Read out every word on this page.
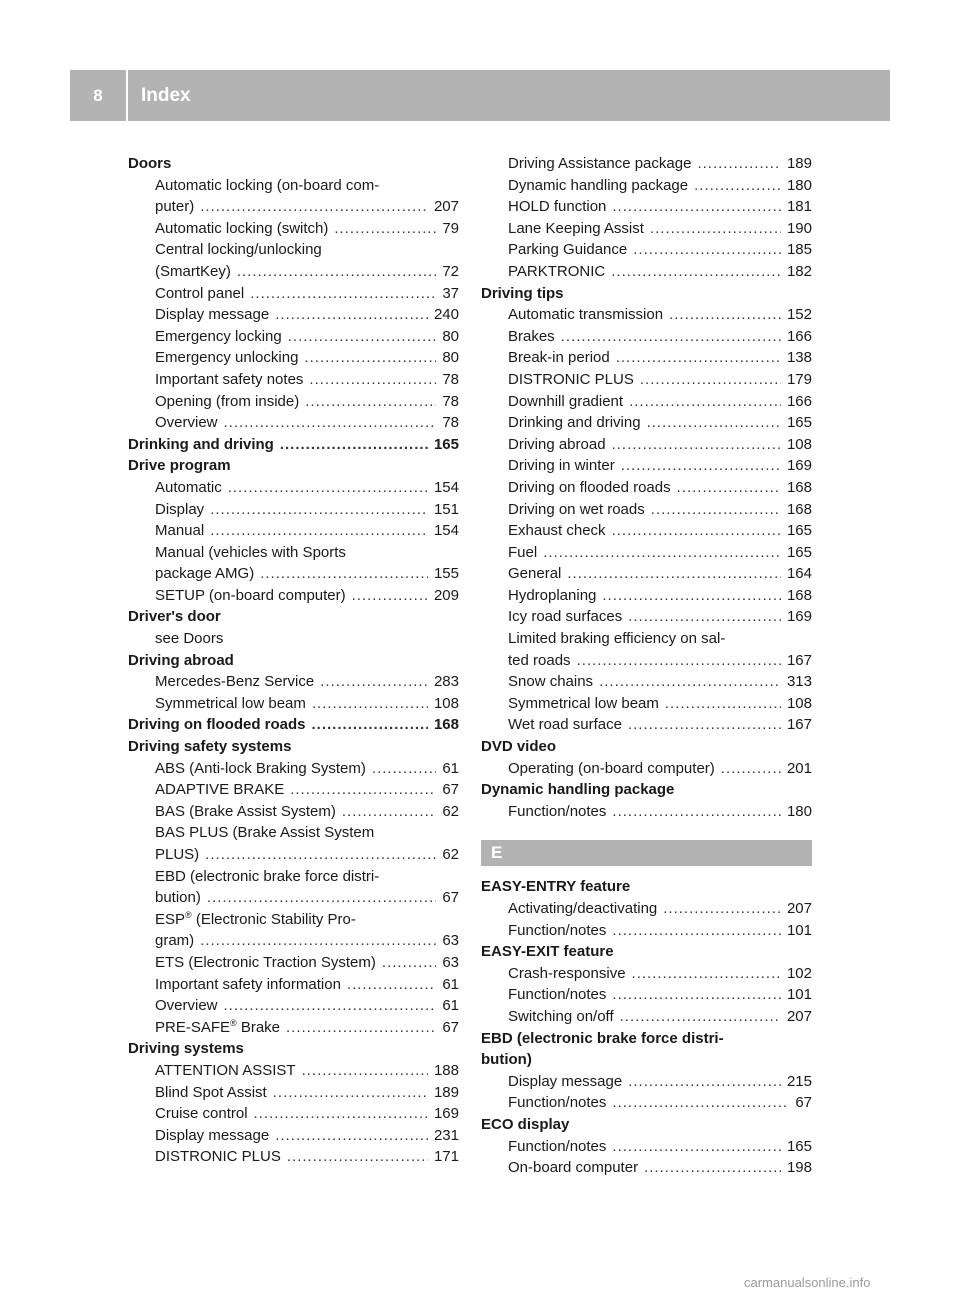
8	Index
Doors
Automatic locking (on-board com-
puter) .....	207
Automatic locking (switch) .....	79
Central locking/unlocking
(SmartKey) .....	72
Control panel .....	37
Display message .....	240
Emergency locking .....	80
Emergency unlocking .....	80
Important safety notes .....	78
Opening (from inside) .....	78
Overview .....	78
Drinking and driving .....	165
Drive program
Automatic .....	154
Display .....	151
Manual .....	154
Manual (vehicles with Sports
package AMG) .....	155
SETUP (on-board computer) .....	209
Driver's door
see Doors
Driving abroad
Mercedes-Benz Service .....	283
Symmetrical low beam .....	108
Driving on flooded roads .....	168
Driving safety systems
ABS (Anti-lock Braking System) .....	61
ADAPTIVE BRAKE .....	67
BAS (Brake Assist System) .....	62
BAS PLUS (Brake Assist System
PLUS) .....	62
EBD (electronic brake force distri-
bution) .....	67
ESP® (Electronic Stability Pro-
gram) .....	63
ETS (Electronic Traction System) .....	63
Important safety information .....	61
Overview .....	61
PRE-SAFE® Brake .....	67
Driving systems
ATTENTION ASSIST .....	188
Blind Spot Assist .....	189
Cruise control .....	169
Display message .....	231
DISTRONIC PLUS .....	171
Driving Assistance package .....	189
Dynamic handling package .....	180
HOLD function .....	181
Lane Keeping Assist .....	190
Parking Guidance .....	185
PARKTRONIC .....	182
Driving tips
Automatic transmission .....	152
Brakes .....	166
Break-in period .....	138
DISTRONIC PLUS .....	179
Downhill gradient .....	166
Drinking and driving .....	165
Driving abroad .....	108
Driving in winter .....	169
Driving on flooded roads .....	168
Driving on wet roads .....	168
Exhaust check .....	165
Fuel .....	165
General .....	164
Hydroplaning .....	168
Icy road surfaces .....	169
Limited braking efficiency on sal-
ted roads .....	167
Snow chains .....	313
Symmetrical low beam .....	108
Wet road surface .....	167
DVD video
Operating (on-board computer) .....	201
Dynamic handling package
Function/notes .....	180
E
EASY-ENTRY feature
Activating/deactivating .....	207
Function/notes .....	101
EASY-EXIT feature
Crash-responsive .....	102
Function/notes .....	101
Switching on/off .....	207
EBD (electronic brake force distri-
bution)
Display message .....	215
Function/notes .....	67
ECO display
Function/notes .....	165
On-board computer .....	198
carmanualsonline.info
